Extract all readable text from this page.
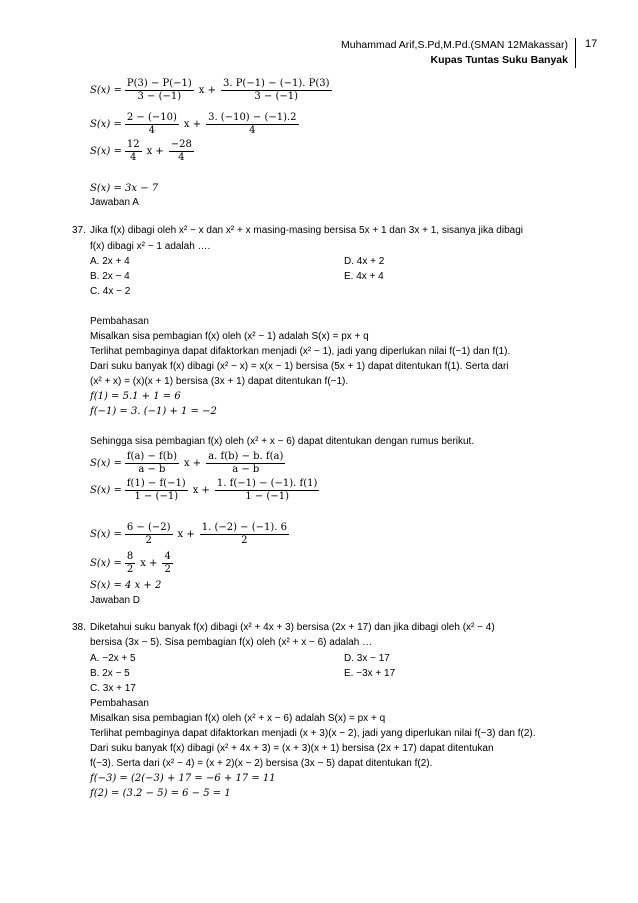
Muhammad Arif,S.Pd,M.Pd.(SMAN 12Makassar)
Kupas Tuntas Suku Banyak
17
$S(x) = \frac{P(3) - P(-1)}{3 - (-1)}$ $x + \frac{3. P(-1) - (-1). P(3)}{3 - (-1)}$
$S(x) = \frac{2 - (-10)}{4}$ $x + \frac{3. (-10) - (-1).2}{4}$
$S(x) = \frac{12}{4}$ $x + \frac{-28}{4}$
S(x) = 3x − 7
Jawaban A
37. Jika f(x) dibagi oleh x² − x dan x² + x masing-masing bersisa 5x + 1 dan 3x + 1, sisanya jika dibagi
f(x) dibagi x² − 1 adalah ….
A. 2x + 4
B. 2x − 4
C. 4x − 2
D. 4x + 2
E. 4x + 4
Pembahasan
Misalkan sisa pembagian f(x) oleh (x² − 1) adalah S(x) = px + q
Terlihat pembaginya dapat difaktorkan menjadi (x² − 1), jadi yang diperlukan nilai f(−1) dan f(1).
Dari suku banyak f(x) dibagi (x² − x) = x(x − 1) bersisa (5x + 1) dapat ditentukan f(1). Serta dari
(x² + x) = (x)(x + 1) bersisa (3x + 1) dapat ditentukan f(−1).
f(1) = 5.1 + 1 = 6
f(−1) = 3. (−1) + 1 = −2
Sehingga sisa pembagian f(x) oleh (x² + x − 6) dapat ditentukan dengan rumus berikut.
$S(x) = \frac{f(a) - f(b)}{a - b}$ $x + \frac{a. f(b) - b. f(a)}{a - b}$
$S(x) = \frac{f(1) - f(-1)}{1 - (-1)}$ $x + \frac{1. f(-1) - (-1). f(1)}{1 - (-1)}$
$S(x) = \frac{6 - (-2)}{2}$ $x + \frac{1. (-2) - (-1). 6}{2}$
$S(x) = \frac{8}{2}$ $x + \frac{4}{2}$
S(x) = 4 x + 2
Jawaban D
38. Diketahui suku banyak f(x) dibagi (x² + 4x + 3) bersisa (2x + 17) dan jika dibagi oleh (x² − 4)
bersisa (3x − 5). Sisa pembagian f(x) oleh (x² + x − 6) adalah …
A. −2x + 5
B. 2x − 5
C. 3x + 17
D. 3x − 17
E. −3x + 17
Pembahasan
Misalkan sisa pembagian f(x) oleh (x² + x − 6) adalah S(x) = px + q
Terlihat pembaginya dapat difaktorkan menjadi (x + 3)(x − 2), jadi yang diperlukan nilai f(−3) dan f(2).
Dari suku banyak f(x) dibagi (x² + 4x + 3) = (x + 3)(x + 1) bersisa (2x + 17) dapat ditentukan
f(−3). Serta dari (x² − 4) = (x + 2)(x − 2) bersisa (3x − 5) dapat ditentukan f(2).
f(−3) = (2(−3) + 17 = −6 + 17 = 11
f(2) = (3.2 − 5) = 6 − 5 = 1
